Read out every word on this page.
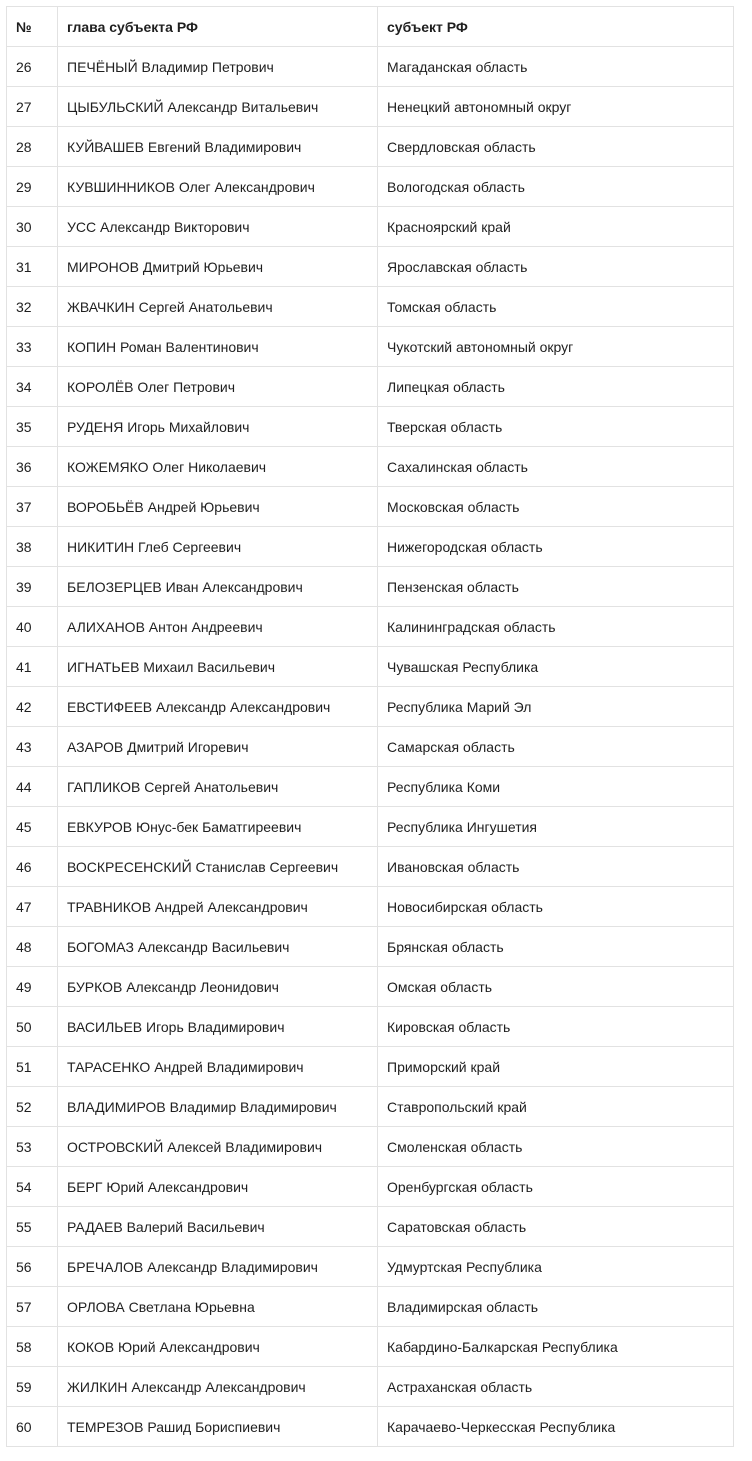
№	глава субъекта РФ	субъект РФ
26	ПЕЧЁНЫЙ Владимир Петрович	Магаданская область
27	ЦЫБУЛЬСКИЙ Александр Витальевич	Ненецкий автономный округ
28	КУЙВАШЕВ Евгений Владимирович	Свердловская область
29	КУВШИННИКОВ Олег Александрович	Вологодская область
30	УСС Александр Викторович	Красноярский край
31	МИРОНОВ Дмитрий Юрьевич	Ярославская область
32	ЖВАЧКИН Сергей Анатольевич	Томская область
33	КОПИН Роман Валентинович	Чукотский автономный округ
34	КОРОЛЁВ Олег Петрович	Липецкая область
35	РУДЕНЯ Игорь Михайлович	Тверская область
36	КОЖЕМЯКО Олег Николаевич	Сахалинская область
37	ВОРОБЬЁВ Андрей Юрьевич	Московская область
38	НИКИТИН Глеб Сергеевич	Нижегородская область
39	БЕЛОЗЕРЦЕВ Иван Александрович	Пензенская область
40	АЛИХАНОВ Антон Андреевич	Калининградская область
41	ИГНАТЬЕВ Михаил Васильевич	Чувашская Республика
42	ЕВСТИФЕЕВ Александр Александрович	Республика Марий Эл
43	АЗАРОВ Дмитрий Игоревич	Самарская область
44	ГАПЛИКОВ Сергей Анатольевич	Республика Коми
45	ЕВКУРОВ Юнус-бек Баматгиреевич	Республика Ингушетия
46	ВОСКРЕСЕНСКИЙ Станислав Сергеевич	Ивановская область
47	ТРАВНИКОВ Андрей Александрович	Новосибирская область
48	БОГОМАЗ Александр Васильевич	Брянская область
49	БУРКОВ Александр Леонидович	Омская область
50	ВАСИЛЬЕВ Игорь Владимирович	Кировская область
51	ТАРАСЕНКО Андрей Владимирович	Приморский край
52	ВЛАДИМИРОВ Владимир Владимирович	Ставропольский край
53	ОСТРОВСКИЙ Алексей Владимирович	Смоленская область
54	БЕРГ Юрий Александрович	Оренбургская область
55	РАДАЕВ Валерий Васильевич	Саратовская область
56	БРЕЧАЛОВ Александр Владимирович	Удмуртская Республика
57	ОРЛОВА Светлана Юрьевна	Владимирская область
58	КОКОВ Юрий Александрович	Кабардино-Балкарская Республика
59	ЖИЛКИН Александр Александрович	Астраханская область
60	ТЕМРЕЗОВ Рашид Бориспиевич	Карачаево-Черкесская Республика
